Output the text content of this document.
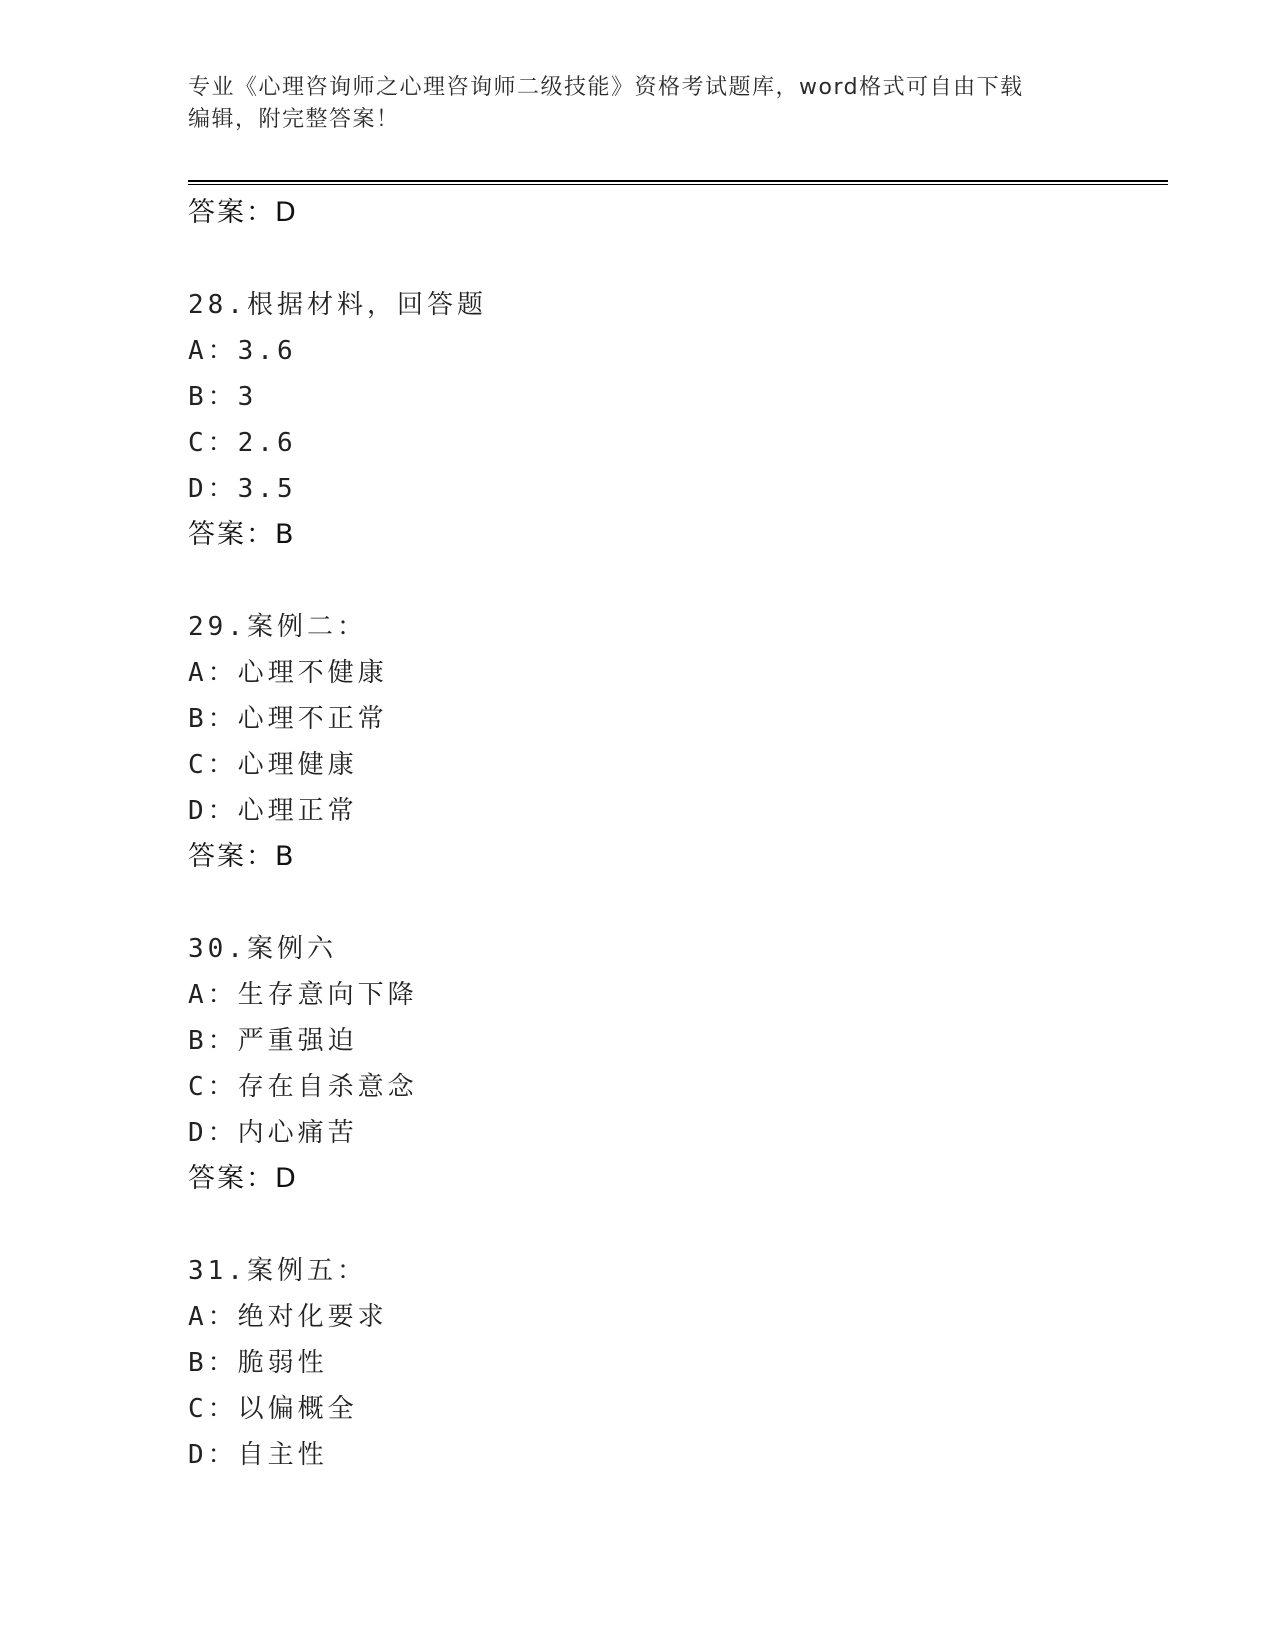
专业《心理咨询师之心理咨询师二级技能》资格考试题库，word格式可自由下载
编辑，附完整答案！
答案：D
28.根据材料，回答题
A：3.6
B：3
C：2.6
D：3.5
答案：B
29.案例二：
A：心理不健康
B：心理不正常
C：心理健康
D：心理正常
答案：B
30.案例六
A：生存意向下降
B：严重强迫
C：存在自杀意念
D：内心痛苦
答案：D
31.案例五：
A：绝对化要求
B：脆弱性
C：以偏概全
D：自主性
